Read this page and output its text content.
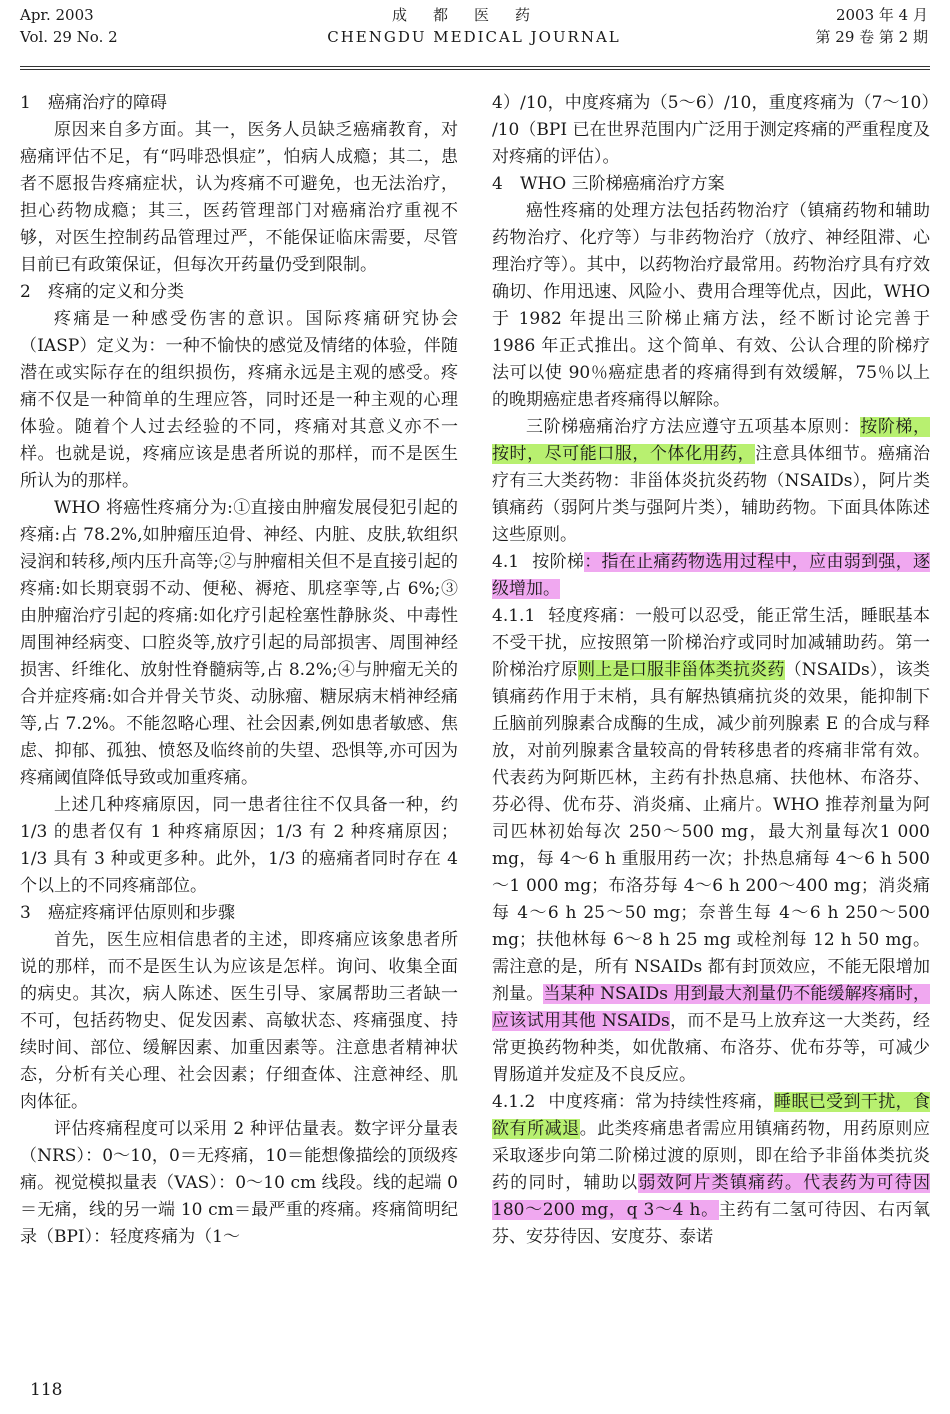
Apr. 2003
Vol. 29 No. 2
成都医药
CHENGDU MEDICAL JOURNAL
2003 年 4 月
第 29 卷 第 2 期

1 癌痛治疗的障碍

原因来自多方面。其一，医务人员缺乏癌痛教育，对癌痛评估不足，有“吗啡恐惧症”，怕病人成瘾；其二，患者不愿报告疼痛症状，认为疼痛不可避免，也无法治疗，担心药物成瘾；其三，医药管理部门对癌痛治疗重视不够，对医生控制药品管理过严，不能保证临床需要，尽管目前已有政策保证，但每次开药量仍受到限制。

2 疼痛的定义和分类

疼痛是一种感受伤害的意识。国际疼痛研究协会（IASP）定义为：一种不愉快的感觉及情绪的体验，伴随潜在或实际存在的组织损伤，疼痛永远是主观的感受。疼痛不仅是一种简单的生理应答，同时还是一种主观的心理体验。随着个人过去经验的不同，疼痛对其意义亦不一样。也就是说，疼痛应该是患者所说的那样，而不是医生所认为的那样。

WHO 将癌性疼痛分为:①直接由肿瘤发展侵犯引起的疼痛:占 78.2%,如肿瘤压迫骨、神经、内脏、皮肤,软组织浸润和转移,颅内压升高等;②与肿瘤相关但不是直接引起的疼痛:如长期衰弱不动、便秘、褥疮、肌痉挛等,占 6%;③由肿瘤治疗引起的疼痛:如化疗引起栓塞性静脉炎、中毒性周围神经病变、口腔炎等,放疗引起的局部损害、周围神经损害、纤维化、放射性脊髓病等,占 8.2%;④与肿瘤无关的合并症疼痛:如合并骨关节炎、动脉瘤、糖尿病末梢神经痛等,占 7.2%。不能忽略心理、社会因素,例如患者敏感、焦虑、抑郁、孤独、愤怒及临终前的失望、恐惧等,亦可因为疼痛阈值降低导致或加重疼痛。

上述几种疼痛原因，同一患者往往不仅具备一种，约 1/3 的患者仅有 1 种疼痛原因；1/3 有 2 种疼痛原因；1/3 具有 3 种或更多种。此外，1/3 的癌痛者同时存在 4 个以上的不同疼痛部位。

3 癌症疼痛评估原则和步骤

首先，医生应相信患者的主述，即疼痛应该象患者所说的那样，而不是医生认为应该是怎样。询问、收集全面的病史。其次，病人陈述、医生引导、家属帮助三者缺一不可，包括药物史、促发因素、高敏状态、疼痛强度、持续时间、部位、缓解因素、加重因素等。注意患者精神状态，分析有关心理、社会因素；仔细查体、注意神经、肌肉体征。

评估疼痛程度可以采用 2 种评估量表。数字评分量表（NRS）：0～10，0＝无疼痛，10＝能想像描绘的顶级疼痛。视觉模拟量表（VAS）：0～10 cm 线段。线的起端 0＝无痛，线的另一端 10 cm＝最严重的疼痛。疼痛简明纪录（BPI）：轻度疼痛为（1～

4）∕10，中度疼痛为（5～6）∕10，重度疼痛为（7～10）∕10（BPI 已在世界范围内广泛用于测定疼痛的严重程度及对疼痛的评估）。

4 WHO 三阶梯癌痛治疗方案

癌性疼痛的处理方法包括药物治疗（镇痛药物和辅助药物治疗、化疗等）与非药物治疗（放疗、神经阻滞、心理治疗等）。其中，以药物治疗最常用。药物治疗具有疗效确切、作用迅速、风险小、费用合理等优点，因此，WHO 于 1982 年提出三阶梯止痛方法，经不断讨论完善于 1986 年正式推出。这个简单、有效、公认合理的阶梯疗法可以使 90％癌症患者的疼痛得到有效缓解，75％以上的晚期癌症患者疼痛得以解除。

三阶梯癌痛治疗方法应遵守五项基本原则：按阶梯，按时，尽可能口服，个体化用药，注意具体细节。癌痛治疗有三大类药物：非甾体炎抗炎药物（NSAIDs），阿片类镇痛药（弱阿片类与强阿片类），辅助药物。下面具体陈述这些原则。

4.1 按阶梯：指在止痛药物选用过程中，应由弱到强，逐级增加。

4.1.1 轻度疼痛：一般可以忍受，能正常生活，睡眠基本不受干扰，应按照第一阶梯治疗或同时加减辅助药。第一阶梯治疗原则上是口服非甾体类抗炎药（NSAIDs），该类镇痛药作用于末梢，具有解热镇痛抗炎的效果，能抑制下丘脑前列腺素合成酶的生成，减少前列腺素 E 的合成与释放，对前列腺素含量较高的骨转移患者的疼痛非常有效。代表药为阿斯匹林，主药有扑热息痛、扶他林、布洛芬、芬必得、优布芬、消炎痛、止痛片。WHO 推荐剂量为阿司匹林初始每次 250～500 mg，最大剂量每次1 000 mg，每 4～6 h 重服用药一次；扑热息痛每 4～6 h 500～1 000 mg；布洛芬每 4～6 h 200～400 mg；消炎痛每 4～6 h 25～50 mg；奈普生每 4～6 h 250～500 mg；扶他林每 6～8 h 25 mg 或栓剂每 12 h 50 mg。需注意的是，所有 NSAIDs 都有封顶效应，不能无限增加剂量。当某种 NSAIDs 用到最大剂量仍不能缓解疼痛时，应该试用其他 NSAIDs，而不是马上放弃这一大类药，经常更换药物种类，如优散痛、布洛芬、优布芬等，可减少胃肠道并发症及不良反应。

4.1.2 中度疼痛：常为持续性疼痛，睡眠已受到干扰，食欲有所减退。此类疼痛患者需应用镇痛药物，用药原则应采取逐步向第二阶梯过渡的原则，即在给予非甾体类抗炎药的同时，辅助以弱效阿片类镇痛药。代表药为可待因 180～200 mg，q 3～4 h。主药有二氢可待因、右丙氧芬、安芬待因、安度芬、泰诺

118
